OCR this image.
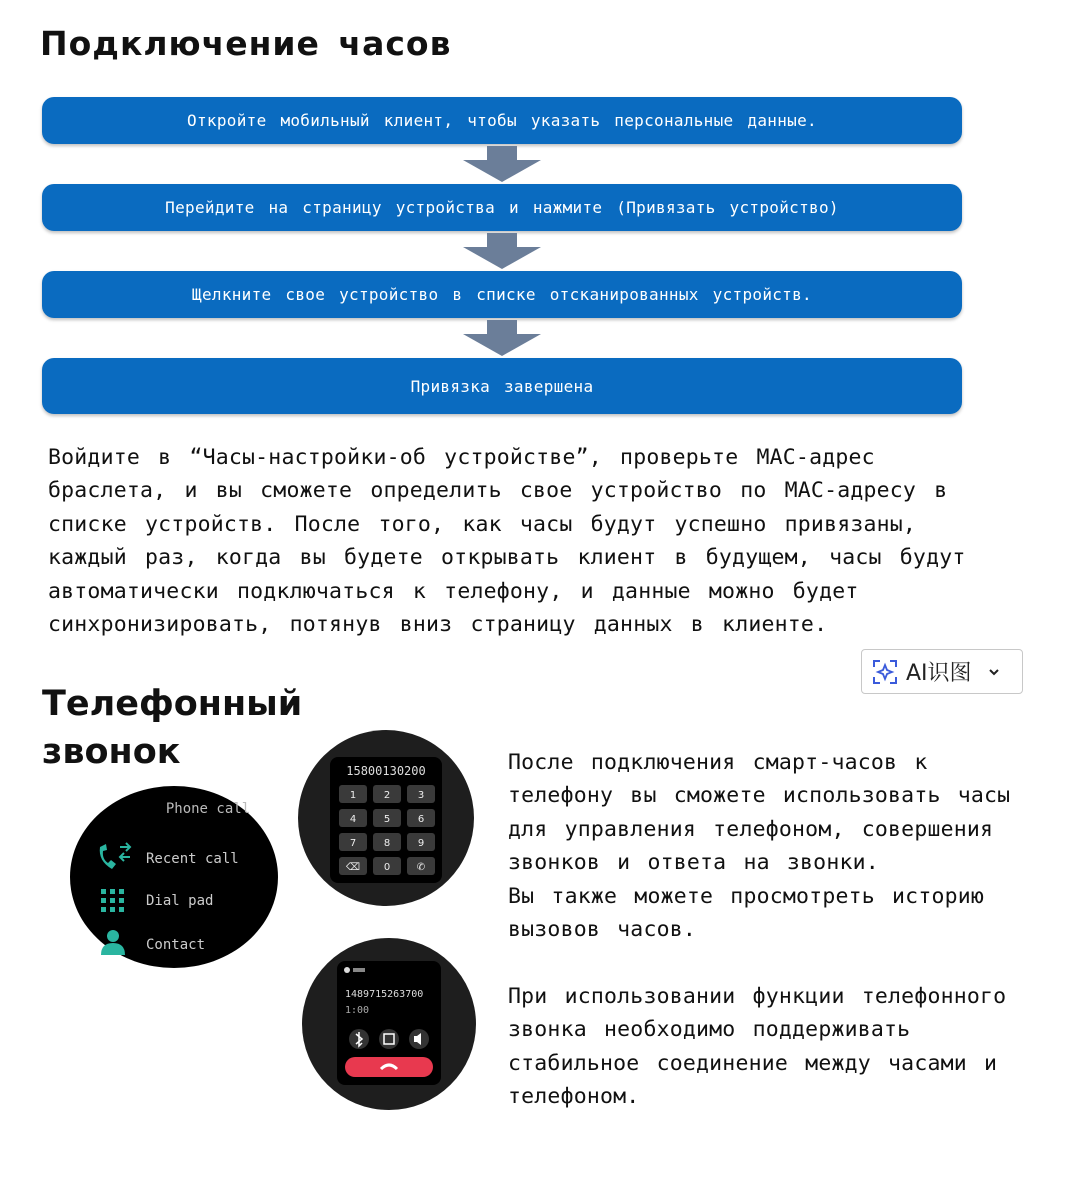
Подключение часов
Откройте мобильный клиент, чтобы указать персональные данные.
Перейдите на страницу устройства и нажмите (Привязать устройство)
Щелкните свое устройство в списке отсканированных устройств.
Привязка завершена
Войдите в “Часы-настройки-об устройстве”, проверьте MAC-адрес
браслета, и вы сможете определить свое устройство по MAC-адресу в
списке устройств. После того, как часы будут успешно привязаны,
каждый раз, когда вы будете открывать клиент в будущем, часы будут
автоматически подключаться к телефону, и данные можно будет
синхронизировать, потянув вниз страницу данных в клиенте.
AI识图
Телефонный
звонок
Phone call
Recent call
Dial pad
Contact
15800130200
1	2	3
4	5	6
7	8	9
⌫ 0	✆
1489715263700
1:00
После подключения смарт-часов к
телефону вы сможете использовать часы
для управления телефоном, совершения
звонков и ответа на звонки.
Вы также можете просмотреть историю
вызовов часов.
При использовании функции телефонного
звонка необходимо поддерживать
стабильное соединение между часами и
телефоном.
